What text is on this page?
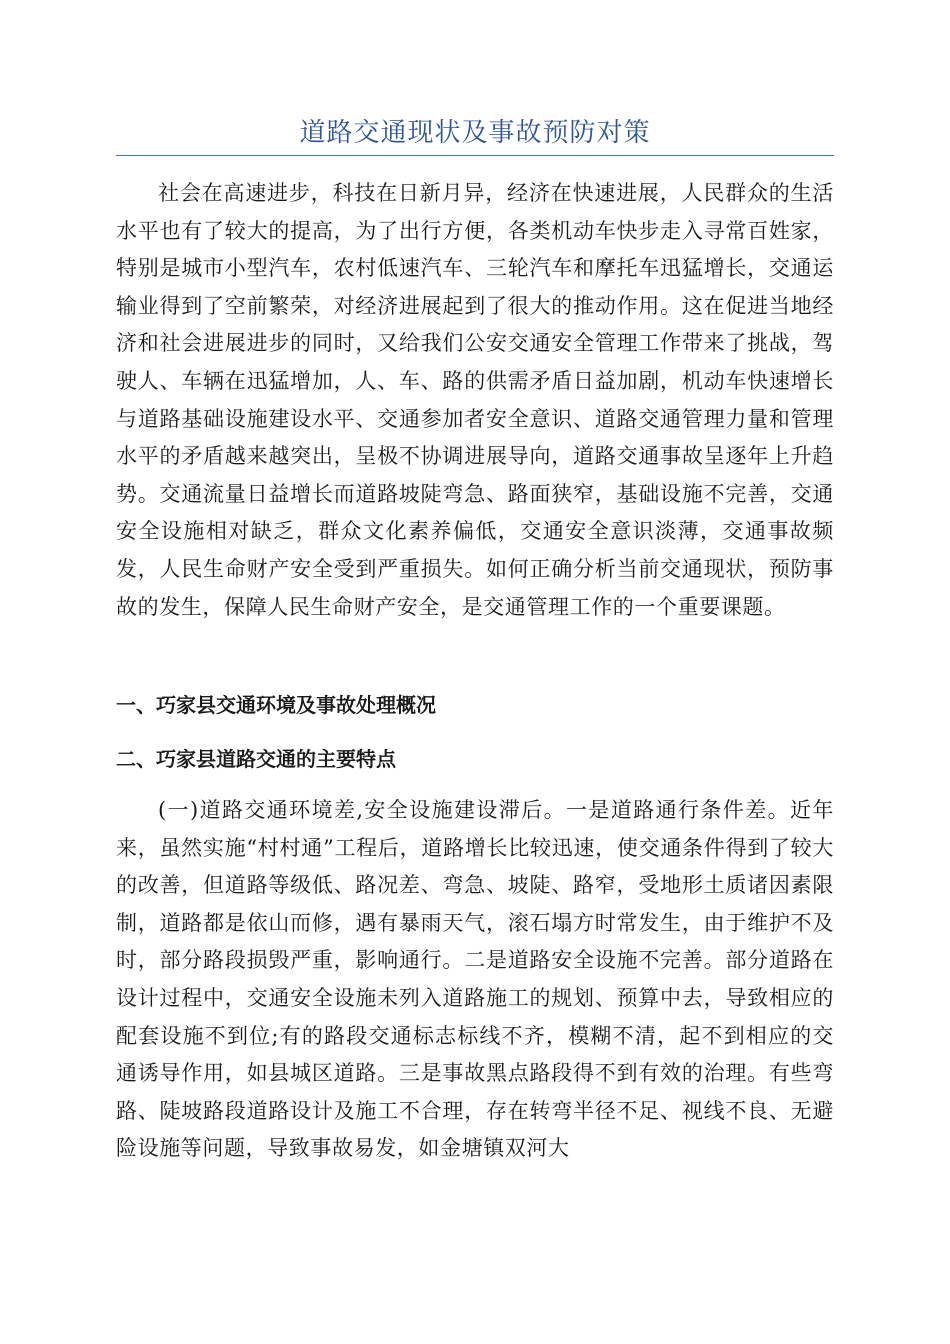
道路交通现状及事故预防对策

社会在高速进步，科技在日新月异，经济在快速进展，人民群众的生活水平也有了较大的提高，为了出行方便，各类机动车快步走入寻常百姓家，特别是城市小型汽车，农村低速汽车、三轮汽车和摩托车迅猛增长，交通运输业得到了空前繁荣，对经济进展起到了很大的推动作用。这在促进当地经济和社会进展进步的同时，又给我们公安交通安全管理工作带来了挑战，驾驶人、车辆在迅猛增加，人、车、路的供需矛盾日益加剧，机动车快速增长与道路基础设施建设水平、交通参加者安全意识、道路交通管理力量和管理水平的矛盾越来越突出，呈极不协调进展导向，道路交通事故呈逐年上升趋势。交通流量日益增长而道路坡陡弯急、路面狭窄，基础设施不完善，交通安全设施相对缺乏，群众文化素养偏低，交通安全意识淡薄，交通事故频发，人民生命财产安全受到严重损失。如何正确分析当前交通现状，预防事故的发生，保障人民生命财产安全，是交通管理工作的一个重要课题。

一、巧家县交通环境及事故处理概况
二、巧家县道路交通的主要特点

(一)道路交通环境差,安全设施建设滞后。一是道路通行条件差。近年来，虽然实施“村村通”工程后，道路增长比较迅速，使交通条件得到了较大的改善，但道路等级低、路况差、弯急、坡陡、路窄，受地形土质诸因素限制，道路都是依山而修，遇有暴雨天气，滚石塌方时常发生，由于维护不及时，部分路段损毁严重，影响通行。二是道路安全设施不完善。部分道路在设计过程中，交通安全设施未列入道路施工的规划、预算中去，导致相应的配套设施不到位;有的路段交通标志标线不齐，模糊不清，起不到相应的交通诱导作用，如县城区道路。三是事故黑点路段得不到有效的治理。有些弯路、陡坡路段道路设计及施工不合理，存在转弯半径不足、视线不良、无避险设施等问题，导致事故易发，如金塘镇双河大
